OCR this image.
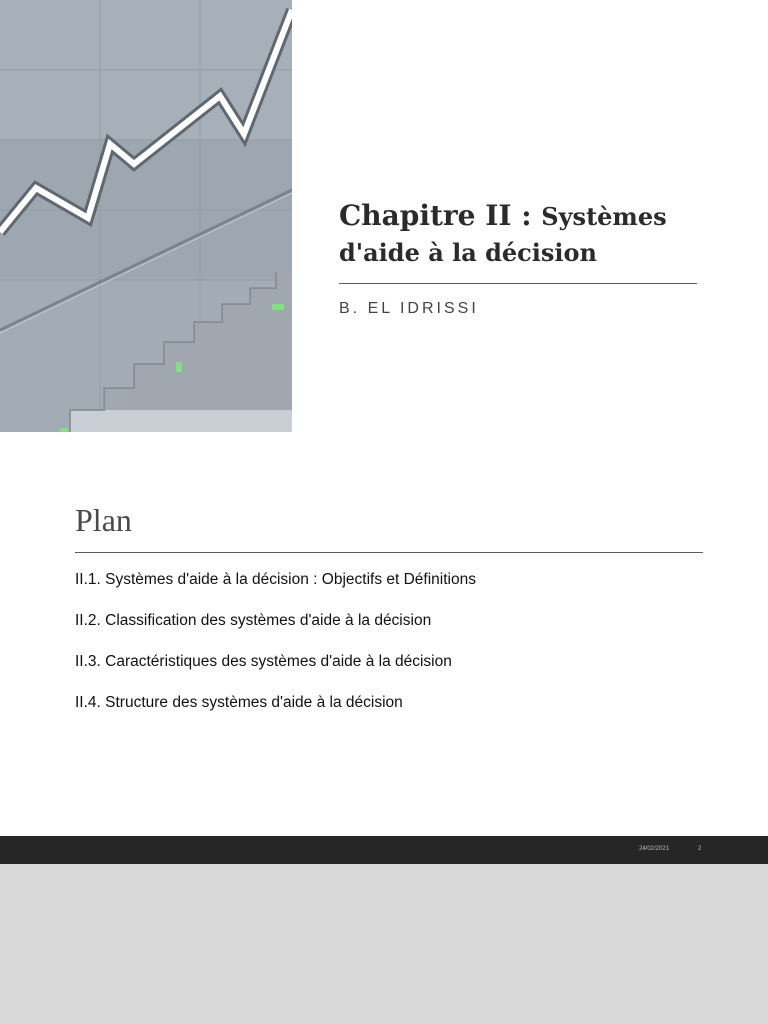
Chapitre II : Systèmes
d'aide à la décision

B. EL IDRISSI
Plan
II.1. Systèmes d'aide à la décision : Objectifs et Définitions
II.2. Classification des systèmes d'aide à la décision
II.3. Caractéristiques des systèmes d'aide à la décision
II.4. Structure des systèmes d'aide à la décision
24/02/2021	2
